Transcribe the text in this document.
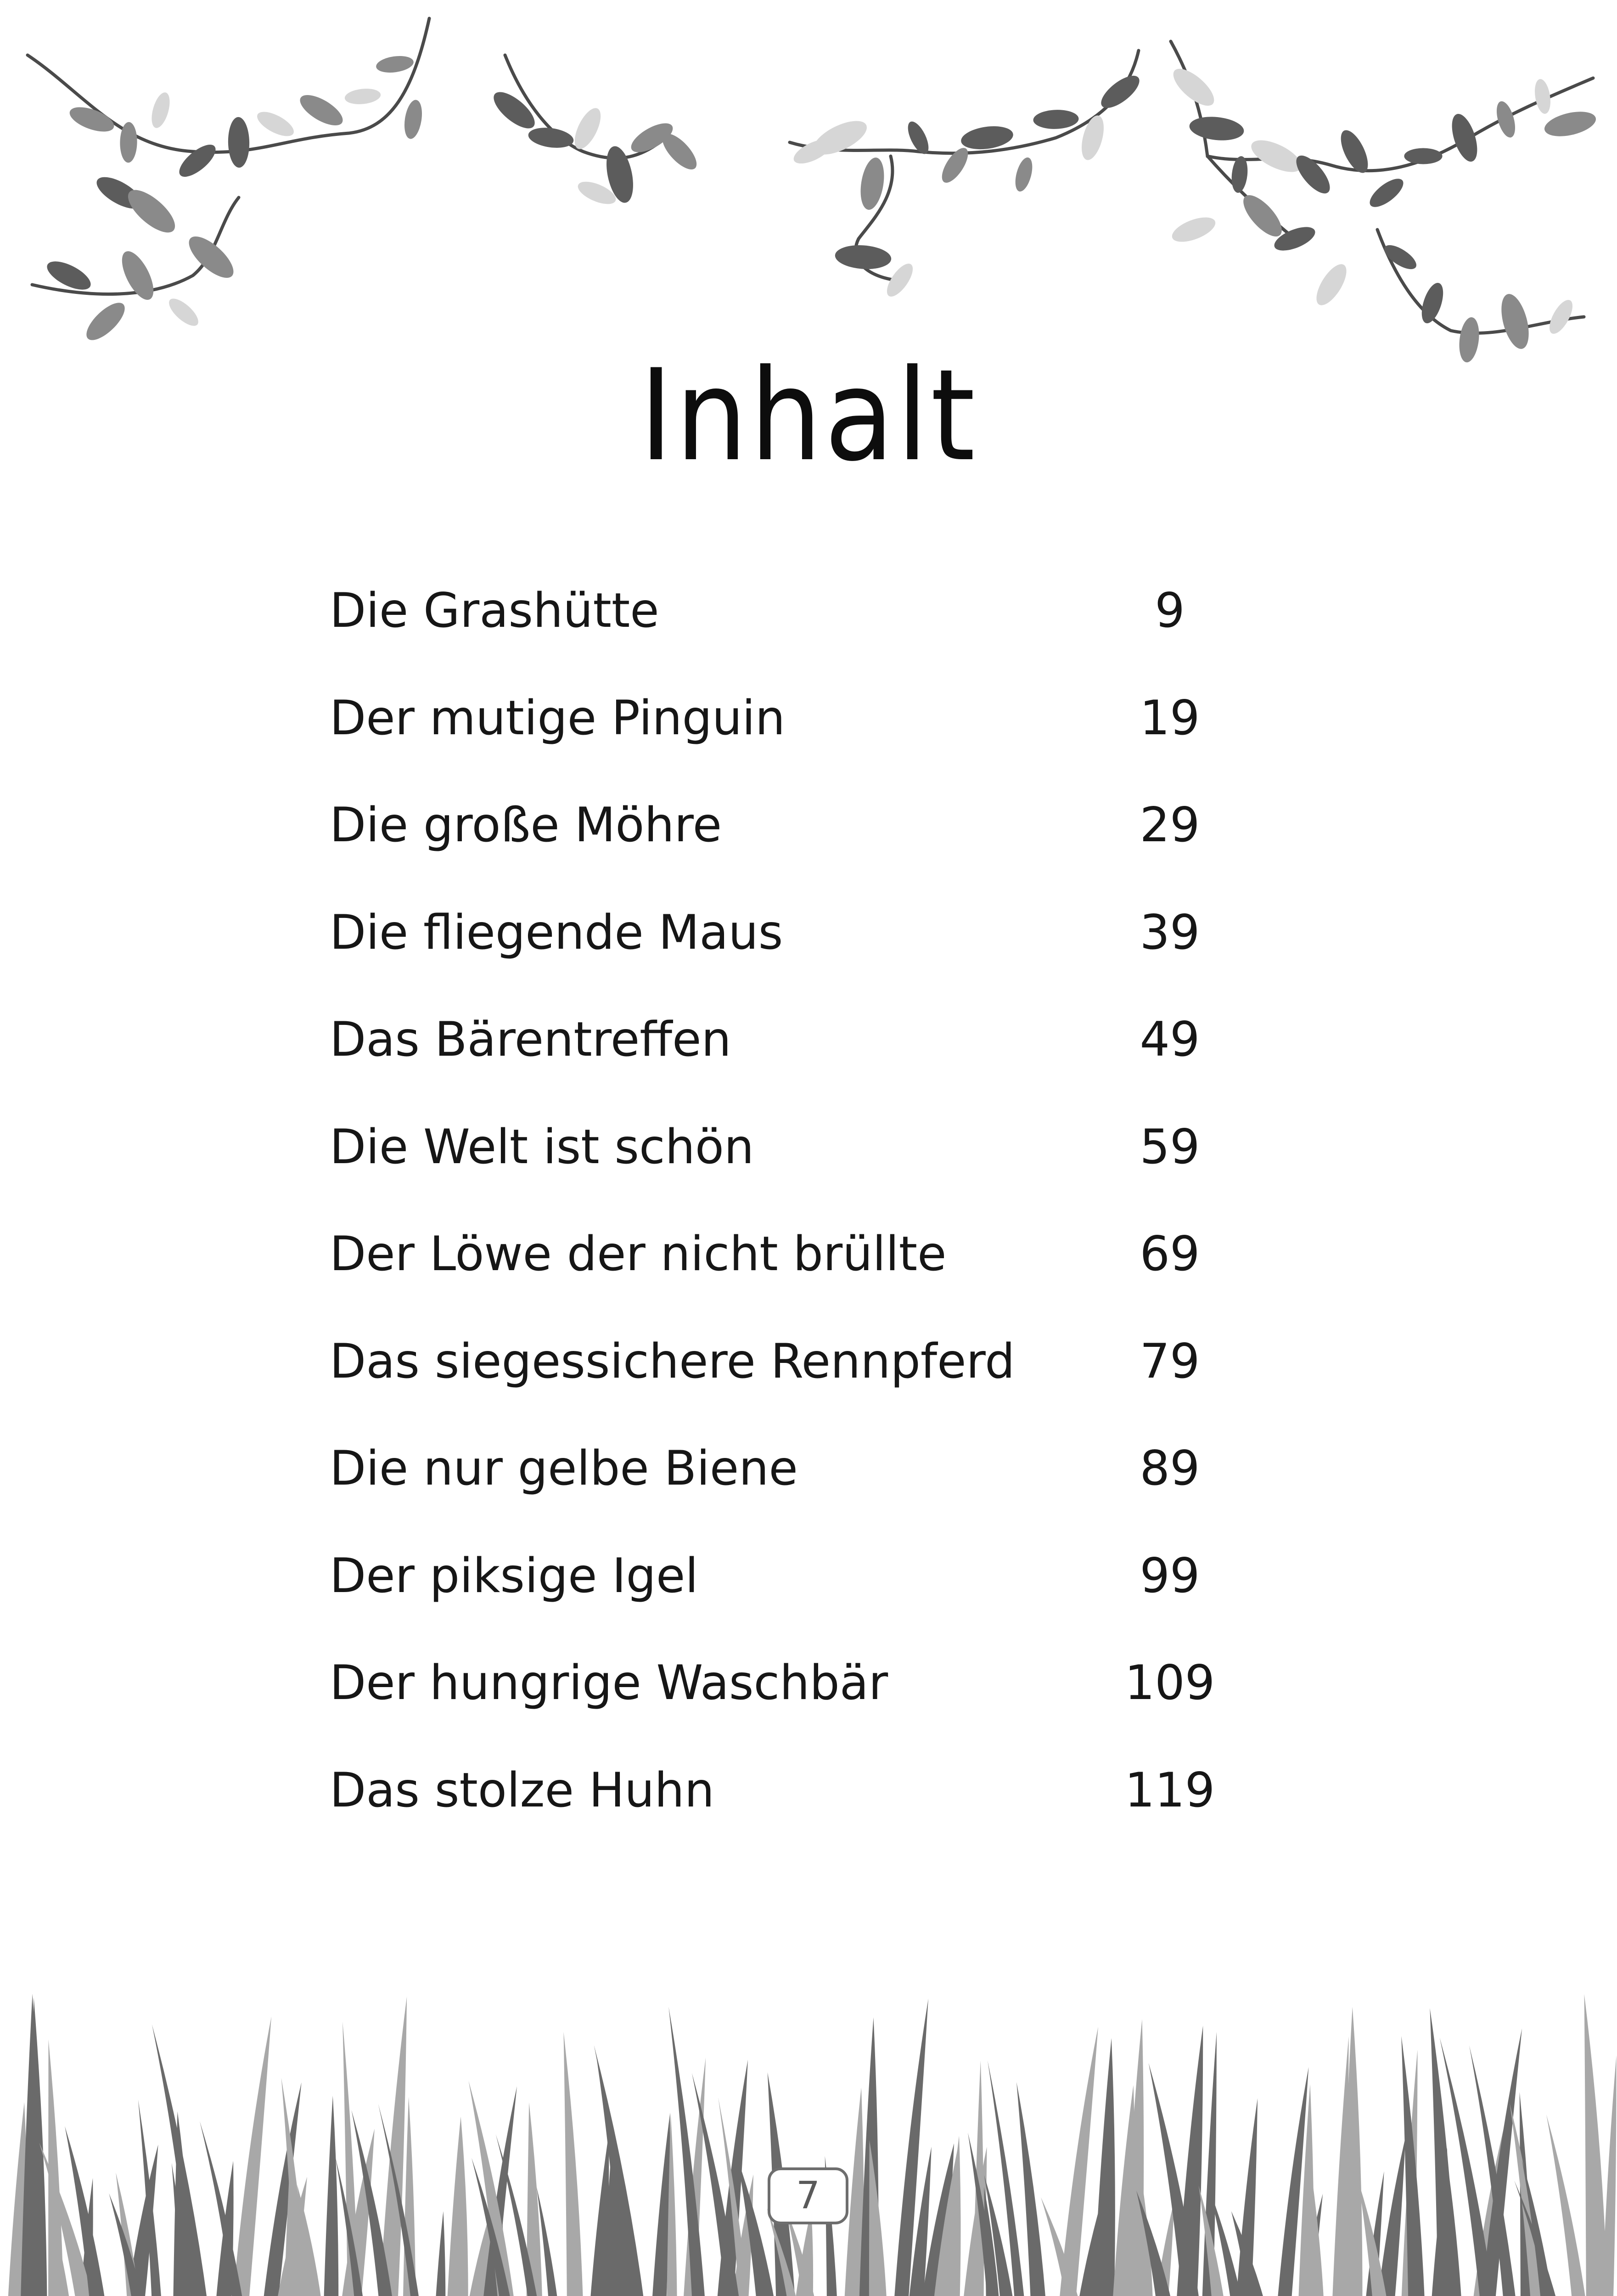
Inhalt
Die Grashütte	9
Der mutige Pinguin	19
Die große Möhre	29
Die fliegende Maus	39
Das Bärentreffen	49
Die Welt ist schön	59
Der Löwe der nicht brüllte	69
Das siegessichere Rennpferd	79
Die nur gelbe Biene	89
Der piksige Igel	99
Der hungrige Waschbär	109
Das stolze Huhn	119
7
